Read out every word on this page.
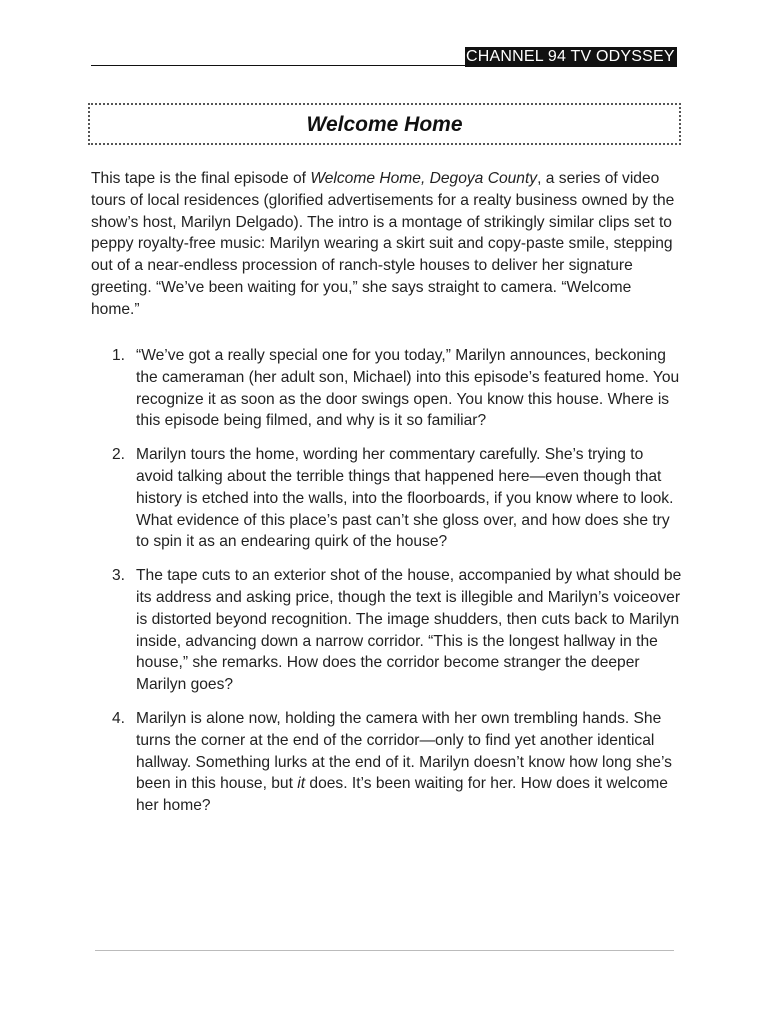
CHANNEL 94 TV ODYSSEY
Welcome Home

This tape is the final episode of Welcome Home, Degoya County, a series of video tours of local residences (glorified advertisements for a realty business owned by the show’s host, Marilyn Delgado). The intro is a montage of strikingly similar clips set to peppy royalty-free music: Marilyn wearing a skirt suit and copy-paste smile, stepping out of a near-endless procession of ranch-style houses to deliver her signature greeting. “We’ve been waiting for you,” she says straight to camera. “Welcome home.”

1. “We’ve got a really special one for you today,” Marilyn announces, beckoning the cameraman (her adult son, Michael) into this episode’s featured home. You recognize it as soon as the door swings open. You know this house. Where is this episode being filmed, and why is it so familiar?
2. Marilyn tours the home, wording her commentary carefully. She’s trying to avoid talking about the terrible things that happened here—even though that history is etched into the walls, into the floorboards, if you know where to look. What evidence of this place’s past can’t she gloss over, and how does she try to spin it as an endearing quirk of the house?
3. The tape cuts to an exterior shot of the house, accompanied by what should be its address and asking price, though the text is illegible and Marilyn’s voiceover is distorted beyond recognition. The image shudders, then cuts back to Marilyn inside, advancing down a narrow corridor. “This is the longest hallway in the house,” she remarks. How does the corridor become stranger the deeper Marilyn goes?
4. Marilyn is alone now, holding the camera with her own trembling hands. She turns the corner at the end of the corridor—only to find yet another identical hallway. Something lurks at the end of it. Marilyn doesn’t know how long she’s been in this house, but it does. It’s been waiting for her. How does it welcome her home?
